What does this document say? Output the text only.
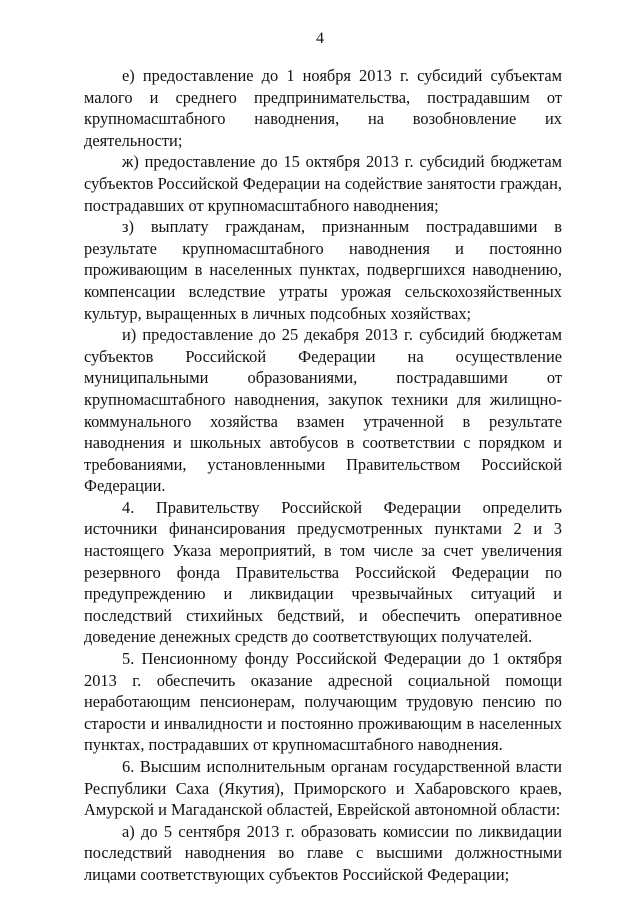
4

е) предоставление до 1 ноября 2013 г. субсидий субъектам малого и среднего предпринимательства, пострадавшим от крупномасштабного наводнения, на возобновление их деятельности;

ж) предоставление до 15 октября 2013 г. субсидий бюджетам субъектов Российской Федерации на содействие занятости граждан, пострадавших от крупномасштабного наводнения;

з) выплату гражданам, признанным пострадавшими в результате крупномасштабного наводнения и постоянно проживающим в населенных пунктах, подвергшихся наводнению, компенсации вследствие утраты урожая сельскохозяйственных культур, выращенных в личных подсобных хозяйствах;

и) предоставление до 25 декабря 2013 г. субсидий бюджетам субъектов Российской Федерации на осуществление муниципальными образованиями, пострадавшими от крупномасштабного наводнения, закупок техники для жилищно-коммунального хозяйства взамен утраченной в результате наводнения и школьных автобусов в соответствии с порядком и требованиями, установленными Правительством Российской Федерации.

4. Правительству Российской Федерации определить источники финансирования предусмотренных пунктами 2 и 3 настоящего Указа мероприятий, в том числе за счет увеличения резервного фонда Правительства Российской Федерации по предупреждению и ликвидации чрезвычайных ситуаций и последствий стихийных бедствий, и обеспечить оперативное доведение денежных средств до соответствующих получателей.

5. Пенсионному фонду Российской Федерации до 1 октября 2013 г. обеспечить оказание адресной социальной помощи неработающим пенсионерам, получающим трудовую пенсию по старости и инвалидности и постоянно проживающим в населенных пунктах, пострадавших от крупномасштабного наводнения.

6. Высшим исполнительным органам государственной власти Республики Саха (Якутия), Приморского и Хабаровского краев, Амурской и Магаданской областей, Еврейской автономной области:

а) до 5 сентября 2013 г. образовать комиссии по ликвидации последствий наводнения во главе с высшими должностными лицами соответствующих субъектов Российской Федерации;
